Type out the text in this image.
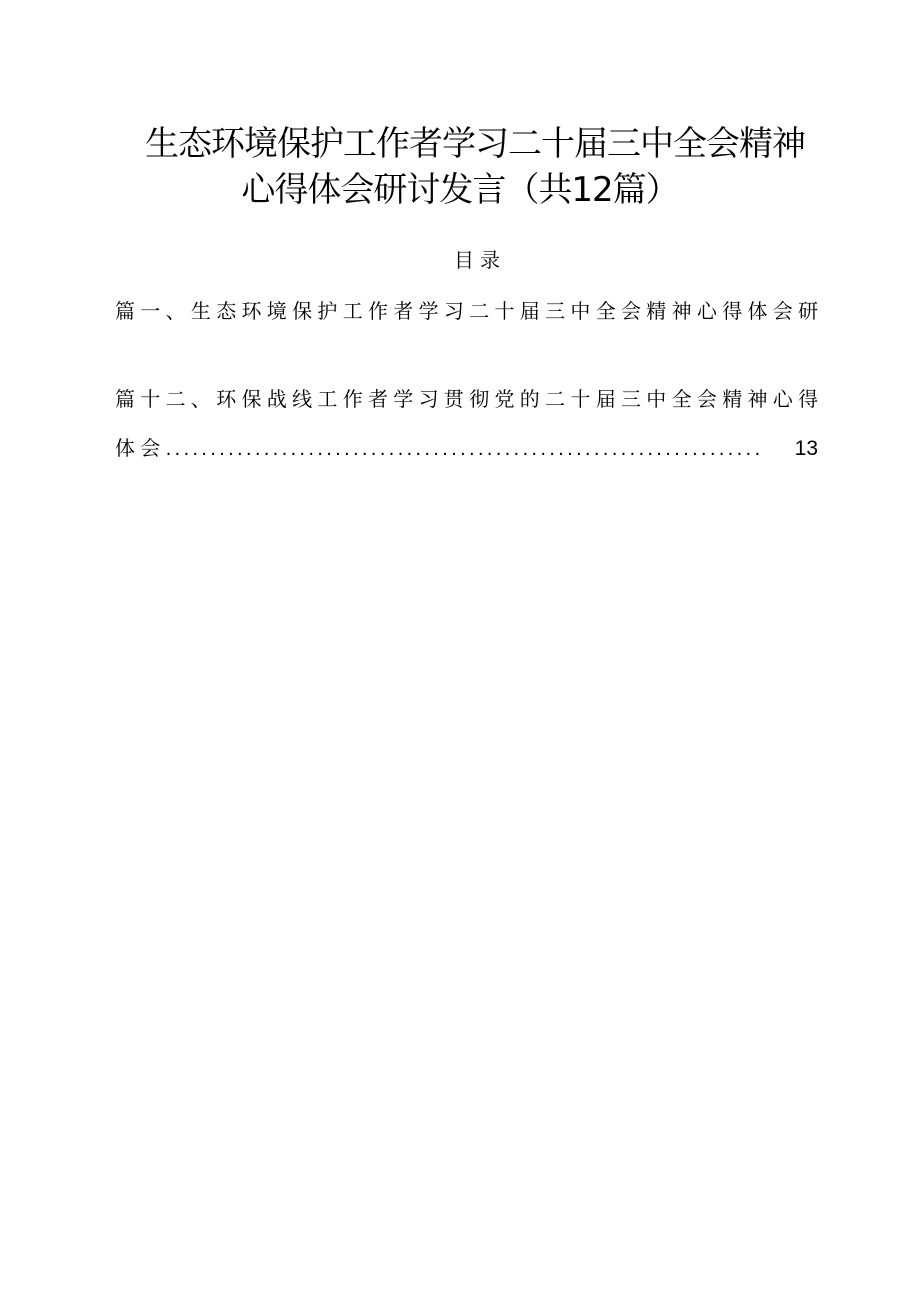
生态环境保护工作者学习二十届三中全会精神
心得体会研讨发言（共12篇）
目录
篇一、生态环境保护工作者学习二十届三中全会精神心得体会研
篇十二、环保战线工作者学习贯彻党的二十届三中全会精神心得
体会 ...................................................................	13
